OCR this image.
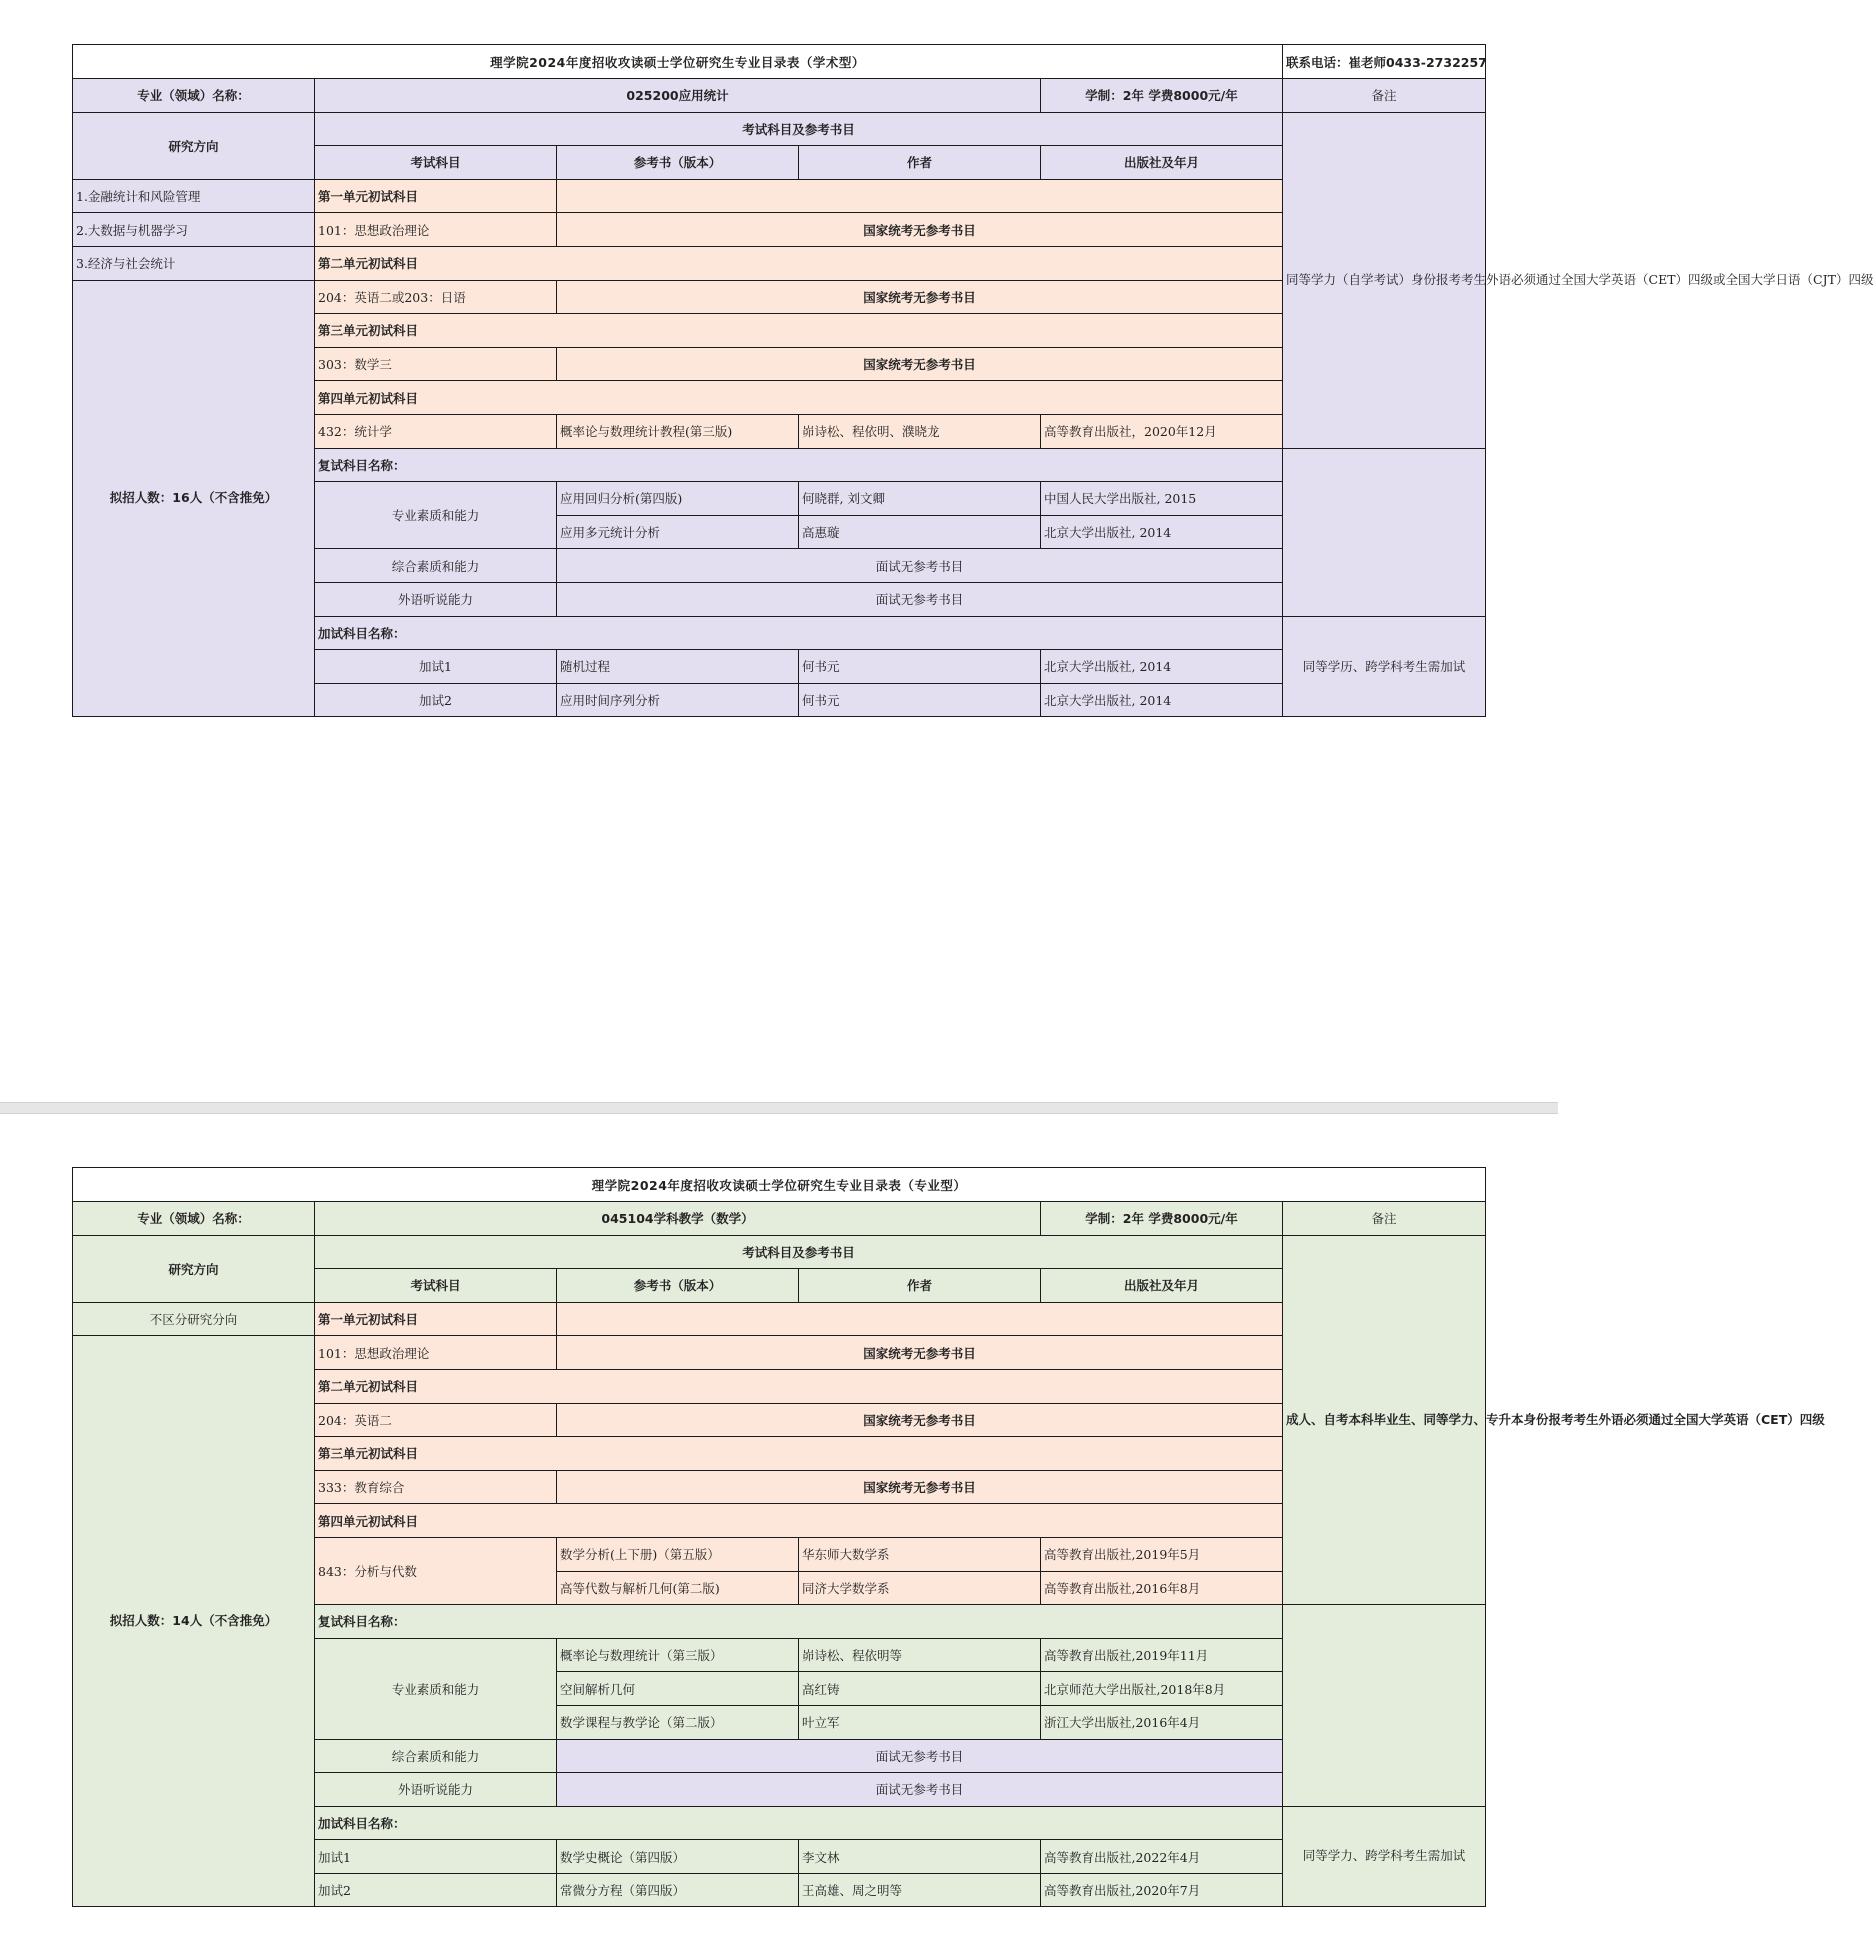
理学院2024年度招收攻读硕士学位研究生专业目录表（学术型）					联系电话：崔老师0433-2732257
专业（领域）名称：	025200应用统计			学制：2年 学费8000元/年	备注
研究方向	考试科目及参考书目				同等学力（自学考试）身份报考考生外语必须通过全国大学英语（CET）四级或全国大学日语（CJT）四级
	考试科目	参考书（版本）	作者	出版社及年月	
1.金融统计和风险管理	第一单元初试科目				
2.大数据与机器学习	101：思想政治理论	国家统考无参考书目			
3.经济与社会统计	第二单元初试科目				
拟招人数：16人（不含推免）	204：英语二或203：日语	国家统考无参考书目			
	第三单元初试科目				
	303：数学三	国家统考无参考书目			
	第四单元初试科目				
	432：统计学	概率论与数理统计教程(第三版)	峁诗松、程依明、濮晓龙	高等教育出版社，2020年12月	
	复试科目名称：				
	专业素质和能力	应用回归分析(第四版)	何晓群, 刘文卿	中国人民大学出版社, 2015	
		应用多元统计分析	高惠璇	北京大学出版社, 2014	
	综合素质和能力	面试无参考书目			
	外语听说能力	面试无参考书目			
	加试科目名称：				同等学历、跨学科考生需加试
	加试1	随机过程	何书元	北京大学出版社, 2014	
	加试2	应用时间序列分析	何书元	北京大学出版社, 2014	
理学院2024年度招收攻读硕士学位研究生专业目录表（专业型）					
专业（领域）名称：	045104学科教学（数学）			学制：2年 学费8000元/年	备注
研究方向	考试科目及参考书目				成人、自考本科毕业生、同等学力、专升本身份报考考生外语必须通过全国大学英语（CET）四级
	考试科目	参考书（版本）	作者	出版社及年月	
不区分研究分向	第一单元初试科目				
拟招人数：14人（不含推免）	101：思想政治理论	国家统考无参考书目			
	第二单元初试科目				
	204：英语二	国家统考无参考书目			
	第三单元初试科目				
	333：教育综合	国家统考无参考书目			
	第四单元初试科目				
	843：分析与代数	数学分析(上下册)（第五版）	华东师大数学系	高等教育出版社,2019年5月	
		高等代数与解析几何(第二版)	同济大学数学系	高等教育出版社,2016年8月	
	复试科目名称：				
	专业素质和能力	概率论与数理统计（第三版）	峁诗松、程依明等	高等教育出版社,2019年11月	
		空间解析几何	高红铸	北京师范大学出版社,2018年8月	
		数学课程与教学论（第二版）	叶立军	浙江大学出版社,2016年4月	
	综合素质和能力	面试无参考书目			
	外语听说能力	面试无参考书目			
	加试科目名称：				同等学力、跨学科考生需加试
	加试1	数学史概论（第四版）	李文林	高等教育出版社,2022年4月	
	加试2	常微分方程（第四版）	王高雄、周之明等	高等教育出版社,2020年7月	
